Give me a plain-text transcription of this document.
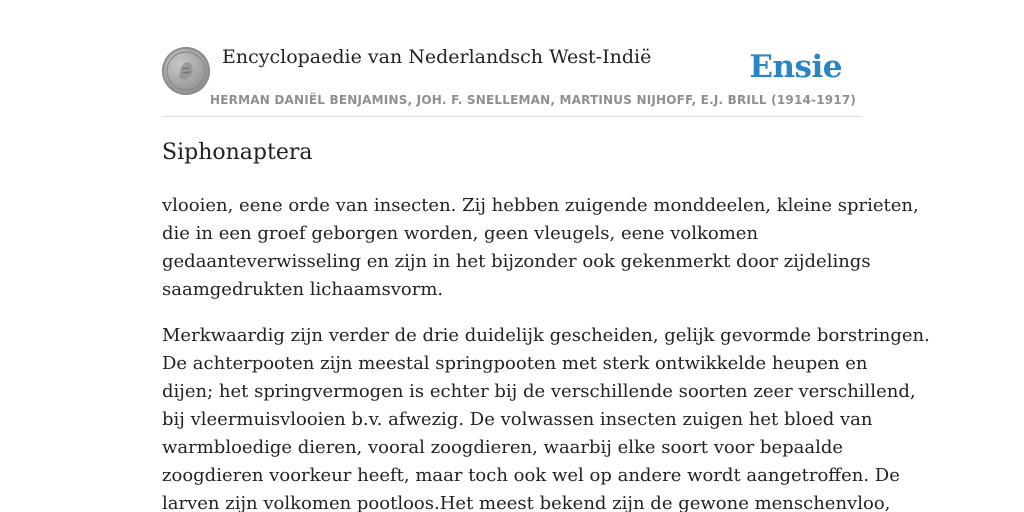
Encyclopaedie van Nederlandsch West-Indië	Ensie
HERMAN DANIËL BENJAMINS, JOH. F. SNELLEMAN, MARTINUS NIJHOFF, E.J. BRILL (1914-1917)
Siphonaptera

vlooien, eene orde van insecten. Zij hebben zuigende monddeelen, kleine sprieten,
die in een groef geborgen worden, geen vleugels, eene volkomen
gedaanteverwisseling en zijn in het bijzonder ook gekenmerkt door zijdelings
saamgedrukten lichaamsvorm.

Merkwaardig zijn verder de drie duidelijk gescheiden, gelijk gevormde borstringen.
De achterpooten zijn meestal springpooten met sterk ontwikkelde heupen en
dijen; het springvermogen is echter bij de verschillende soorten zeer verschillend,
bij vleermuisvlooien b.v. afwezig. De volwassen insecten zuigen het bloed van
warmbloedige dieren, vooral zoogdieren, waarbij elke soort voor bepaalde
zoogdieren voorkeur heeft, maar toch ook wel op andere wordt aangetroffen. De
larven zijn volkomen pootloos.Het meest bekend zijn de gewone menschenvloo,
